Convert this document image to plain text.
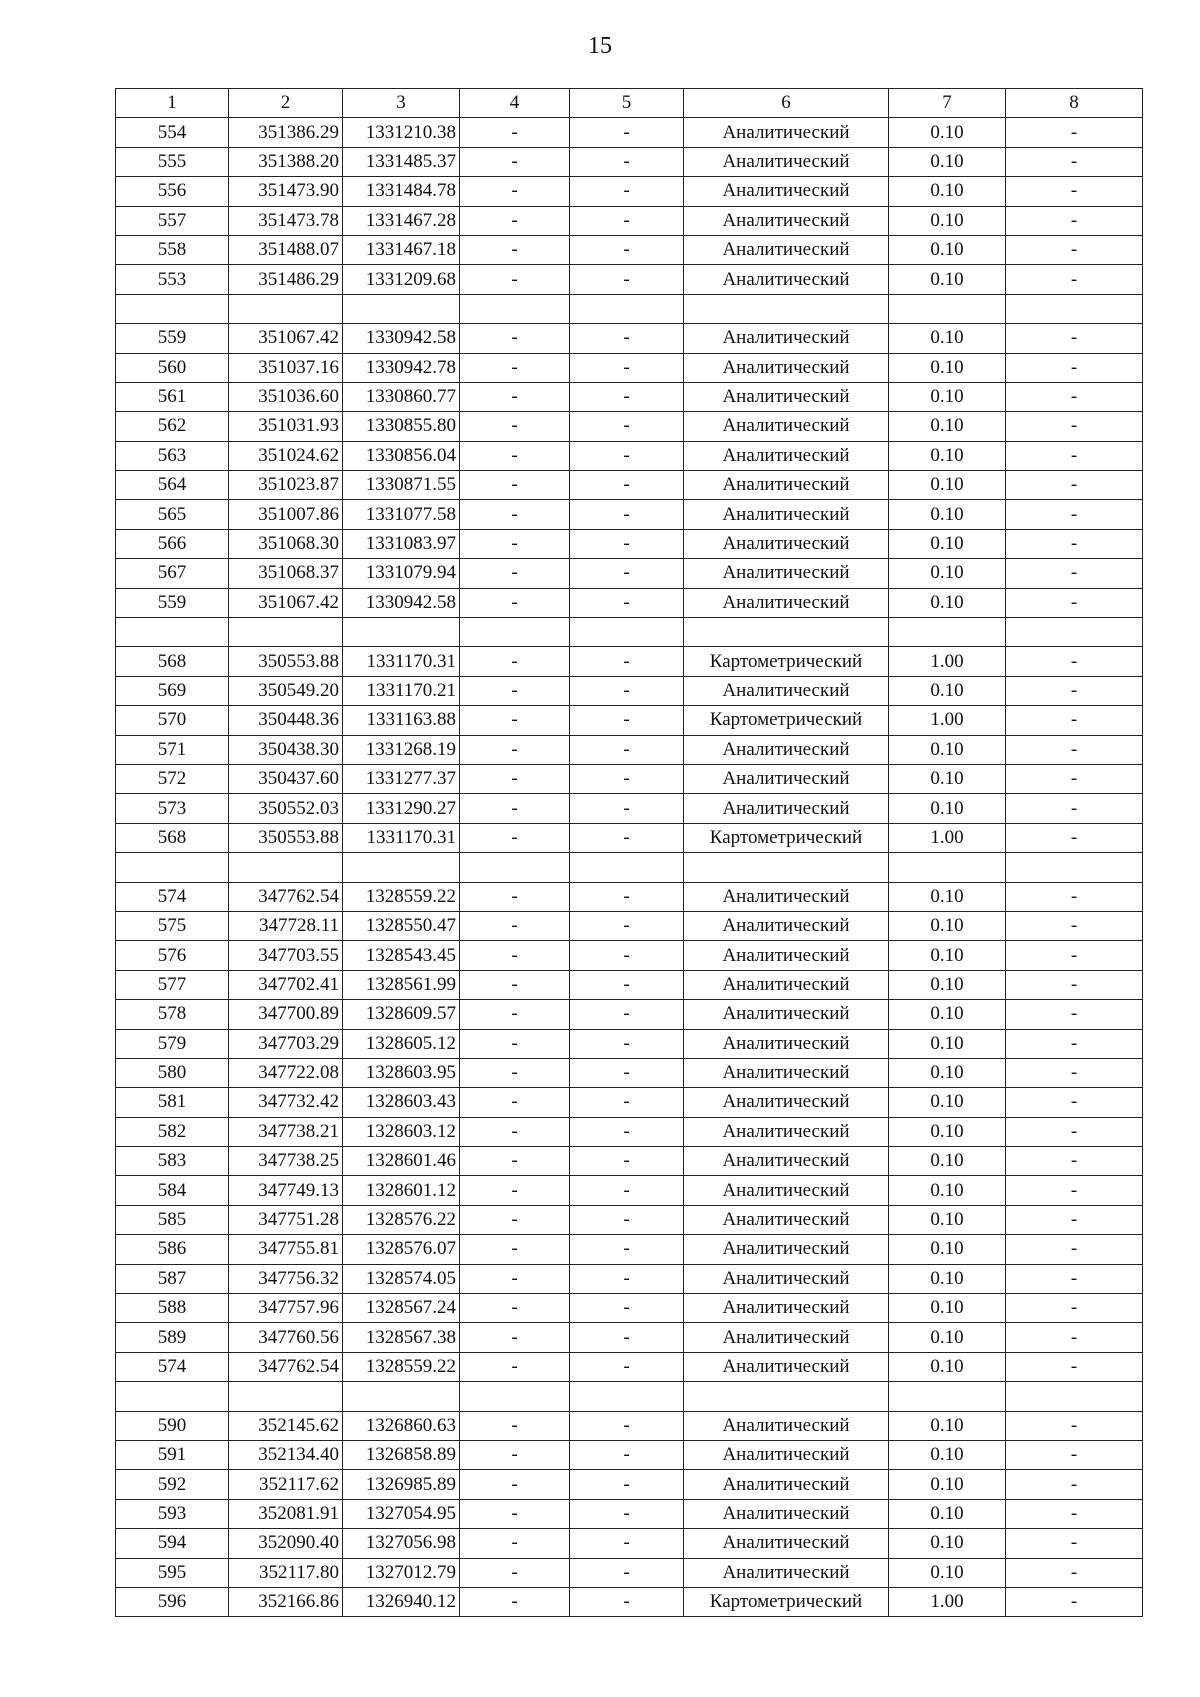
15
1	2	3	4	5	6	7	8
554	351386.29	1331210.38	-	-	Аналитический	0.10	-
555	351388.20	1331485.37	-	-	Аналитический	0.10	-
556	351473.90	1331484.78	-	-	Аналитический	0.10	-
557	351473.78	1331467.28	-	-	Аналитический	0.10	-
558	351488.07	1331467.18	-	-	Аналитический	0.10	-
553	351486.29	1331209.68	-	-	Аналитический	0.10	-

559	351067.42	1330942.58	-	-	Аналитический	0.10	-
560	351037.16	1330942.78	-	-	Аналитический	0.10	-
561	351036.60	1330860.77	-	-	Аналитический	0.10	-
562	351031.93	1330855.80	-	-	Аналитический	0.10	-
563	351024.62	1330856.04	-	-	Аналитический	0.10	-
564	351023.87	1330871.55	-	-	Аналитический	0.10	-
565	351007.86	1331077.58	-	-	Аналитический	0.10	-
566	351068.30	1331083.97	-	-	Аналитический	0.10	-
567	351068.37	1331079.94	-	-	Аналитический	0.10	-
559	351067.42	1330942.58	-	-	Аналитический	0.10	-

568	350553.88	1331170.31	-	-	Картометрический	1.00	-
569	350549.20	1331170.21	-	-	Аналитический	0.10	-
570	350448.36	1331163.88	-	-	Картометрический	1.00	-
571	350438.30	1331268.19	-	-	Аналитический	0.10	-
572	350437.60	1331277.37	-	-	Аналитический	0.10	-
573	350552.03	1331290.27	-	-	Аналитический	0.10	-
568	350553.88	1331170.31	-	-	Картометрический	1.00	-

574	347762.54	1328559.22	-	-	Аналитический	0.10	-
575	347728.11	1328550.47	-	-	Аналитический	0.10	-
576	347703.55	1328543.45	-	-	Аналитический	0.10	-
577	347702.41	1328561.99	-	-	Аналитический	0.10	-
578	347700.89	1328609.57	-	-	Аналитический	0.10	-
579	347703.29	1328605.12	-	-	Аналитический	0.10	-
580	347722.08	1328603.95	-	-	Аналитический	0.10	-
581	347732.42	1328603.43	-	-	Аналитический	0.10	-
582	347738.21	1328603.12	-	-	Аналитический	0.10	-
583	347738.25	1328601.46	-	-	Аналитический	0.10	-
584	347749.13	1328601.12	-	-	Аналитический	0.10	-
585	347751.28	1328576.22	-	-	Аналитический	0.10	-
586	347755.81	1328576.07	-	-	Аналитический	0.10	-
587	347756.32	1328574.05	-	-	Аналитический	0.10	-
588	347757.96	1328567.24	-	-	Аналитический	0.10	-
589	347760.56	1328567.38	-	-	Аналитический	0.10	-
574	347762.54	1328559.22	-	-	Аналитический	0.10	-

590	352145.62	1326860.63	-	-	Аналитический	0.10	-
591	352134.40	1326858.89	-	-	Аналитический	0.10	-
592	352117.62	1326985.89	-	-	Аналитический	0.10	-
593	352081.91	1327054.95	-	-	Аналитический	0.10	-
594	352090.40	1327056.98	-	-	Аналитический	0.10	-
595	352117.80	1327012.79	-	-	Аналитический	0.10	-
596	352166.86	1326940.12	-	-	Картометрический	1.00	-
